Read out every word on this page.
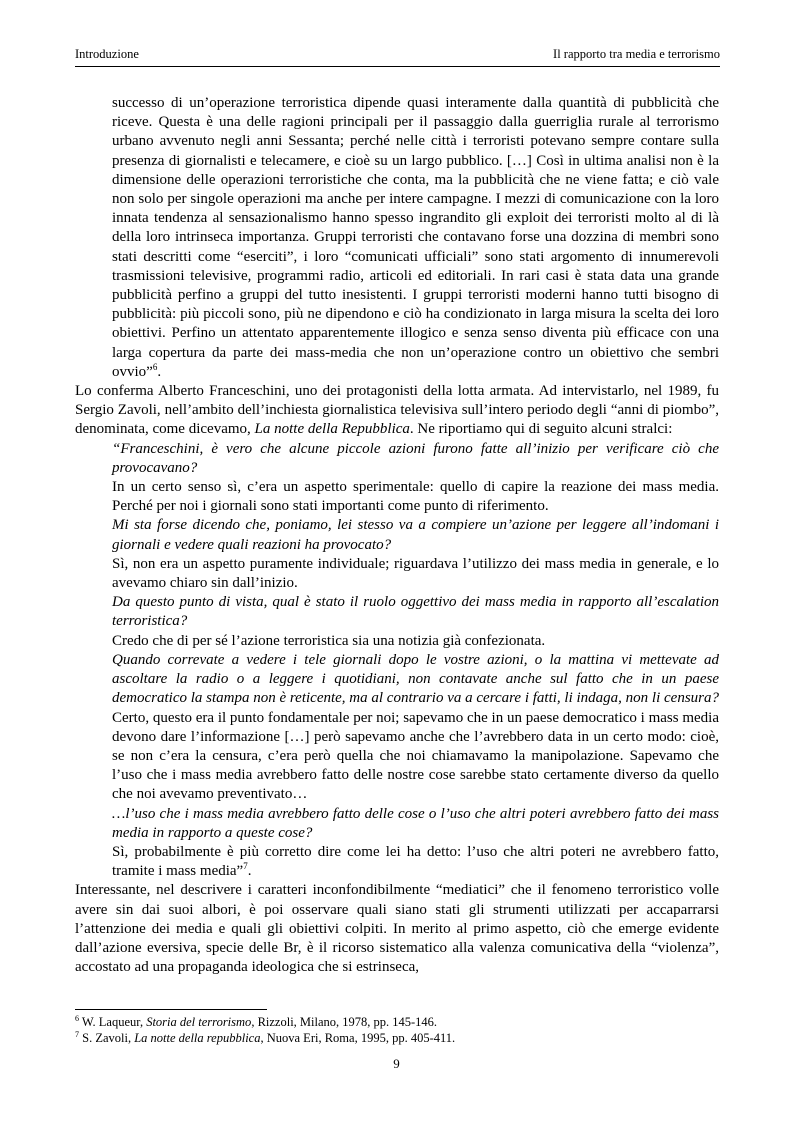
Introduzione	Il rapporto tra media e terrorismo

successo di un’operazione terroristica dipende quasi interamente dalla quantità di pubblicità che riceve. Questa è una delle ragioni principali per il passaggio dalla guerriglia rurale al terrorismo urbano avvenuto negli anni Sessanta; perché nelle città i terroristi potevano sempre contare sulla presenza di giornalisti e telecamere, e cioè su un largo pubblico. […] Così in ultima analisi non è la dimensione delle operazioni terroristiche che conta, ma la pubblicità che ne viene fatta; e ciò vale non solo per singole operazioni ma anche per intere campagne. I mezzi di comunicazione con la loro innata tendenza al sensazionalismo hanno spesso ingrandito gli exploit dei terroristi molto al di là della loro intrinseca importanza. Gruppi terroristi che contavano forse una dozzina di membri sono stati descritti come “eserciti”, i loro “comunicati ufficiali” sono stati argomento di innumerevoli trasmissioni televisive, programmi radio, articoli ed editoriali. In rari casi è stata data una grande pubblicità perfino a gruppi del tutto inesistenti. I gruppi terroristi moderni hanno tutti bisogno di pubblicità: più piccoli sono, più ne dipendono e ciò ha condizionato in larga misura la scelta dei loro obiettivi. Perfino un attentato apparentemente illogico e senza senso diventa più efficace con una larga copertura da parte dei mass-media che non un’operazione contro un obiettivo che sembri ovvio”$^6$.

Lo conferma Alberto Franceschini, uno dei protagonisti della lotta armata. Ad intervistarlo, nel 1989, fu Sergio Zavoli, nell’ambito dell’inchiesta giornalistica televisiva sull’intero periodo degli “anni di piombo”, denominata, come dicevamo, La notte della Repubblica. Ne riportiamo qui di seguito alcuni stralci:

“Franceschini, è vero che alcune piccole azioni furono fatte all’inizio per verificare ciò che provocavano?

In un certo senso sì, c’era un aspetto sperimentale: quello di capire la reazione dei mass media. Perché per noi i giornali sono stati importanti come punto di riferimento.

Mi sta forse dicendo che, poniamo, lei stesso va a compiere un’azione per leggere all’indomani i giornali e vedere quali reazioni ha provocato?

Sì, non era un aspetto puramente individuale; riguardava l’utilizzo dei mass media in generale, e lo avevamo chiaro sin dall’inizio.

Da questo punto di vista, qual è stato il ruolo oggettivo dei mass media in rapporto all’escalation terroristica?

Credo che di per sé l’azione terroristica sia una notizia già confezionata.

Quando correvate a vedere i tele giornali dopo le vostre azioni, o la mattina vi mettevate ad ascoltare la radio o a leggere i quotidiani, non contavate anche sul fatto che in un paese democratico la stampa non è reticente, ma al contrario va a cercare i fatti, li indaga, non li censura?

Certo, questo era il punto fondamentale per noi; sapevamo che in un paese democratico i mass media devono dare l’informazione […] però sapevamo anche che l’avrebbero data in un certo modo: cioè, se non c’era la censura, c’era però quella che noi chiamavamo la manipolazione. Sapevamo che l’uso che i mass media avrebbero fatto delle nostre cose sarebbe stato certamente diverso da quello che noi avevamo preventivato…

…l’uso che i mass media avrebbero fatto delle cose o l’uso che altri poteri avrebbero fatto dei mass media in rapporto a queste cose?

Sì, probabilmente è più corretto dire come lei ha detto: l’uso che altri poteri ne avrebbero fatto, tramite i mass media”$^7$.

Interessante, nel descrivere i caratteri inconfondibilmente “mediatici” che il fenomeno terroristico volle avere sin dai suoi albori, è poi osservare quali siano stati gli strumenti utilizzati per accaparrarsi l’attenzione dei media e quali gli obiettivi colpiti. In merito al primo aspetto, ciò che emerge evidente dall’azione eversiva, specie delle Br, è il ricorso sistematico alla valenza comunicativa della “violenza”, accostato ad una propaganda ideologica che si estrinseca,

$^6$ W. Laqueur, Storia del terrorismo, Rizzoli, Milano, 1978, pp. 145-146.
$^7$ S. Zavoli, La notte della repubblica, Nuova Eri, Roma, 1995, pp. 405-411.
9
